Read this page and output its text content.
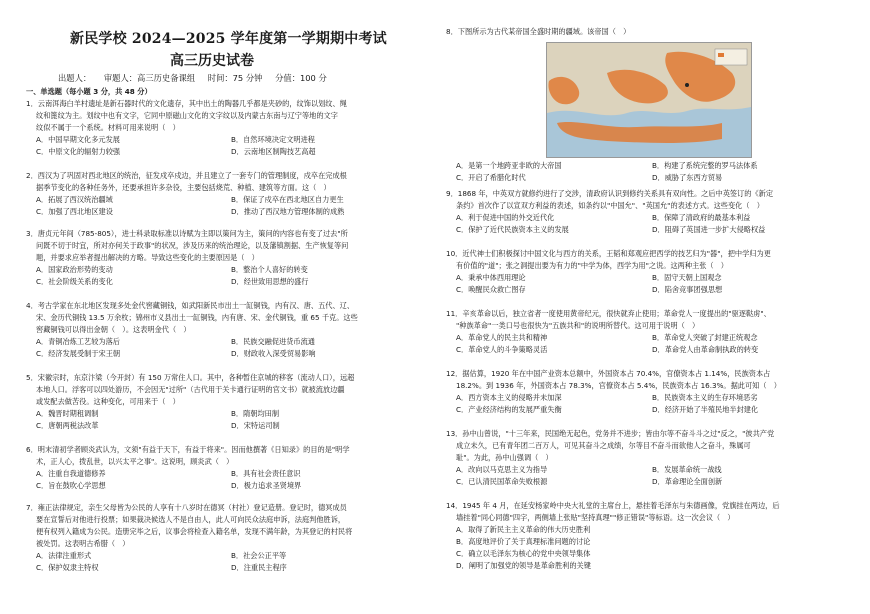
新民学校 2024—2025 学年度第一学期期中考试
高三历史试卷
出题人： 审题人：高三历史备课组 时间：75 分钟 分值：100 分
一、单选题（每小题 3 分，共 48 分）

1．云南洱海白羊村遗址是新石器时代的文化遗存，其中出土的陶器几乎都是夹砂的，纹饰以划纹、绳

纹和篦纹为主。划纹中也有文字，它同中原磁山文化的文字纹以及内蒙古东南与辽宁等地的文字

纹似不属于一个系统。材料可用来说明（　）

A．中国早期文化多元发展	B．自然环境决定文明进程
C．中原文化的辐射力较强	D．云南地区制陶技艺高超

2．西汉为了巩固对西北地区的统治，征发戍卒戍边，并且建立了一套专门的管理制度，戍卒在完成根

据季节变化的各种任务外，还要承担许多杂役，主要包括烧荒、种植、建筑等方面。这（　）

A．拓展了西汉统治疆域	B．保证了戍卒在西北地区自力更生
C．加强了西北地区建设	D．推动了西汉地方管理体制的成熟

3．唐贞元年间（785-805），进士科录取标准以诗赋为主即以策问为主，策问的内容也有变了过去"所

问既不切于时宜，所对亦何关于政事"的状况，涉及历来的统治理论，以及藩镇割据、生产恢复等问

题，并要求应举者提出解决的方略。导致这些变化的主要原因是（　）

A．国家政治形势的变动	B．整治个人喜好的转变
C．社会阶级关系的变化	D．经世致用思想的盛行

4．考古学家在东北地区发现多处金代窖藏铜钱，如武阳新民市出土一缸铜钱，内有汉、唐、五代、辽、

宋、金历代铜钱 13.5 万余枚；锦州市义县出土一缸铜钱，内有唐、宋、金代铜钱，重 65 千克。这些

窖藏铜钱可以得出金朝（　）。这表明金代（　）

A．青铜冶炼工艺较为落后	B．民族交融促进货币流通
C．经济发展受制于宋王朝	D．财政收入深受贸易影响

5．宋徽宗时，东京汴梁（今开封）有 150 万常住人口。其中，各种暂住京城的移客（流动人口），远超

本地人口。浮客可以四处游历，不会因无"过所"（古代用于关卡通行证明的官文书）就被流放边疆

或发配去做苦役。这种变化，可用来于（　）

A．魏晋时期租调制	B．隋朝均田制
C．唐朝两税法改革	D．宋特运司制

6．明末清初学者顾炎武认为，文须"有益于天下，有益于将来"。因而他撰著《日知录》的目的是"明学

术，正人心，拨乱世，以兴太平之事"。这说明，顾炎武（　）

A．注重自我道德修养	B．具有社会责任意识
C．旨在鼓吹心学思想	D．极力追求圣贤境界

7．雍正法律规定，亲生父母皆为公民的人享有十八岁时在德冥（村社）登记造册。登记时，德冥成员

要在宣誓后对他进行投票；如果裁决候选人不是自由人，此人可向民众法庭申诉，法庭判他胜诉，

便有权列入籍成为公民。造册完毕之后，议事会将检查入籍名单，发现不满年龄，为其登记的村民将

被处罚。这表明古希腊（　）

A．法律注重形式	B．社会公正平等
C．保护奴隶主特权	D．注重民主程序

8．下图所示为古代某帝国全盛时期的疆域。该帝国（　）

A．是第一个地跨亚非欧的大帝国	B．构建了系统完整的罗马法体系
C．开启了希腊化时代	D．威胁了东西方贸易

9．1868 年，中英双方就修约进行了交涉，清政府认识到修约关系具有双向性。之后中英签订的《新定

条约》首次作了以宣双方利益的表述，如条约以"中国允"、"英国允"的表述方式。这些变化（　）

A．利于促进中国的外交近代化	B．保障了清政府的最基本利益
C．保护了近代民族资本主义的发展	D．阻碍了英国进一步扩大侵略权益

10．近代神士们积极探讨中国文化与西方的关系，王韬和郑观应把西学的技艺归为"器"，把中学归为更

有价值的"道"；张之洞提出要为有力的"中学为体，西学为用"之说。这两种主张（　）

A．秉承中体西用理论	B．固守天朝上国观念
C．唤醒民众救亡图存	D．陷舍竞事团强思想

11．辛亥革命以后，独立省者一度使用黄帝纪元，很快就弃止使用；革命党人一度提出的"驱逐鞑虏"、

"种族革命"一类口号也很快为"五族共和"的说明所替代。这可用于说明（　）

A．革命党人的民主共和精神	B．革命党人突破了封建正统观念
C．革命党人的斗争策略灵活	D．革命党人由革命制执政的转变

12．据估算，1920 年在中国产业资本总额中，外国资本占 70.4%，官僚资本占 1.14%，民族资本占

18.2%。到 1936 年，外国资本占 78.3%，官僚资本占 5.4%，民族资本占 16.3%。据此可知（　）

A．西方资本主义的侵略并未加深	B．民族资本主义的生存环境恶劣
C．产业经济结构的发展严重失衡	D．经济开始了半殖民地半封建化

13．孙中山曾说，"十三年来，民国绝无起色，党务并不进步；皆由尔等不奋斗斗之过"反之，"彼共产党

成立未久，已有青年团二百万人，可见其奋斗之成绩，尔等目不奋斗而欲他人之奋斗，殊属可

耻"。为此，孙中山强调（　）

A．改向以马克思主义为指导	B．发展革命统一战线
C．已认清民国革命失败根源	D．革命理论全面创新

14．1945 年 4 月，在延安杨家岭中央大礼堂的主席台上，悬挂着毛泽东与朱德画像，党旗挂在两边，后

墙挂着"同心同德"四字，两侧墙上张贴"坚持真理""修正错误"等标语。这一次会议（　）

A．取得了新民主主义革命的伟大历史胜利

B．高度地评价了关于真理标准问题的讨论

C．确立以毛泽东为核心的党中央领导集体

D．阐明了加强党的领导是革命胜利的关键
